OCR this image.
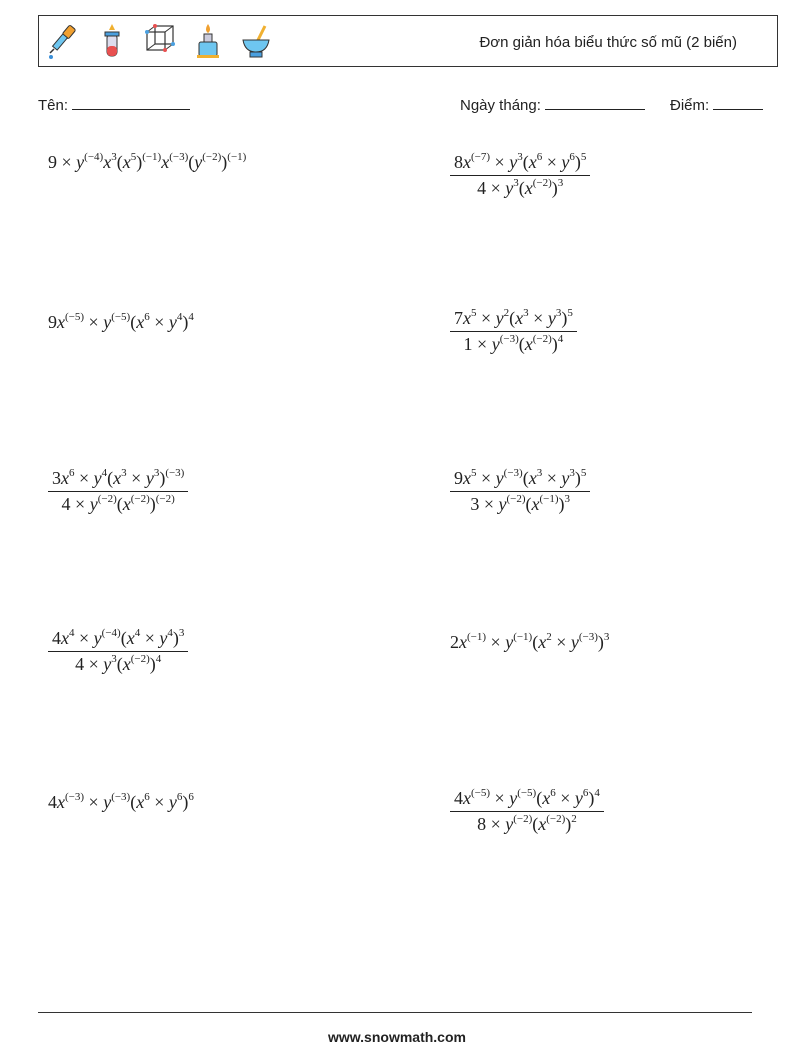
Đơn giản hóa biểu thức số mũ (2 biến)
Tên:	Ngày tháng:	Điểm:
$9 \times y^{(-4)}x^3(x^5)^{(-1)}x^{(-3)}(y^{(-2)})^{(-1)}$	$\frac{8x^{(-7)} \times y^3(x^6 \times y^6)^5}{4 \times y^3(x^{(-2)})^3}$
$9x^{(-5)} \times y^{(-5)}(x^6 \times y^4)^4$	$\frac{7x^5 \times y^2(x^3 \times y^3)^5}{1 \times y^{(-3)}(x^{(-2)})^4}$
$\frac{3x^6 \times y^4(x^3 \times y^3)^{(-3)}}{4 \times y^{(-2)}(x^{(-2)})^{(-2)}}$	$\frac{9x^5 \times y^{(-3)}(x^3 \times y^3)^5}{3 \times y^{(-2)}(x^{(-1)})^3}$
$\frac{4x^4 \times y^{(-4)}(x^4 \times y^4)^3}{4 \times y^3(x^{(-2)})^4}$	$2x^{(-1)} \times y^{(-1)}(x^2 \times y^{(-3)})^3$
$4x^{(-3)} \times y^{(-3)}(x^6 \times y^6)^6$	$\frac{4x^{(-5)} \times y^{(-5)}(x^6 \times y^6)^4}{8 \times y^{(-2)}(x^{(-2)})^2}$
www.snowmath.com
